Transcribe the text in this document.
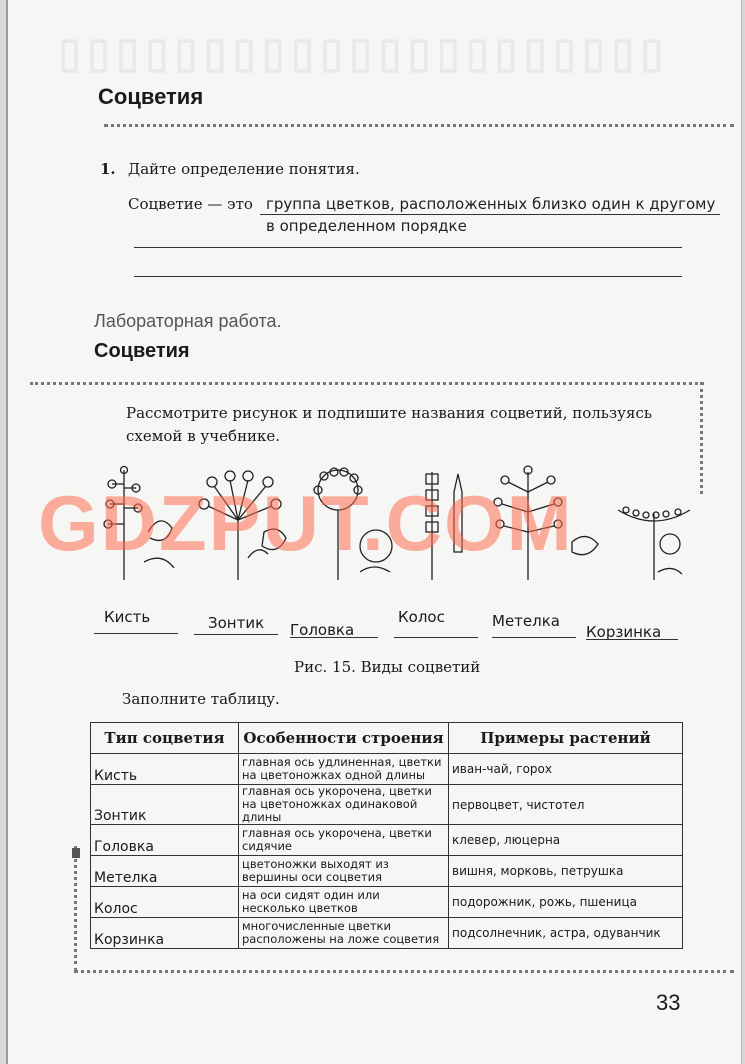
▯▯▯▯▯▯▯▯▯▯▯▯▯▯▯▯▯▯▯▯▯
Соцветия
1. Дайте определение понятия.
Соцветие — это группа цветков, расположенных близко один к другому
в определенном порядке
Лабораторная работа.
Соцветия
Рассмотрите рисунок и подпишите названия соцветий, пользуясь схемой в учебнике.
GDZPUT.COM
Кисть	Зонтик Головка
Колос	Метелка
Корзинка
Рис. 15. Виды соцветий
Заполните таблицу.
Тип соцветия	Особенности строения	Примеры растений
Кисть	главная ось удлиненная, цветки на цветоножках одной длины	иван-чай, горох
Зонтик	главная ось укорочена, цветки на цветоножках одинаковой длины	первоцвет, чистотел
Головка	главная ось укорочена, цветки сидячие	клевер, люцерна
Метелка	цветоножки выходят из вершины оси соцветия	вишня, морковь, петрушка
Колос	на оси сидят один или несколько цветков	подорожник, рожь, пшеница
Корзинка	многочисленные цветки расположены на ложе соцветия	подсолнечник, астра, одуванчик
33
